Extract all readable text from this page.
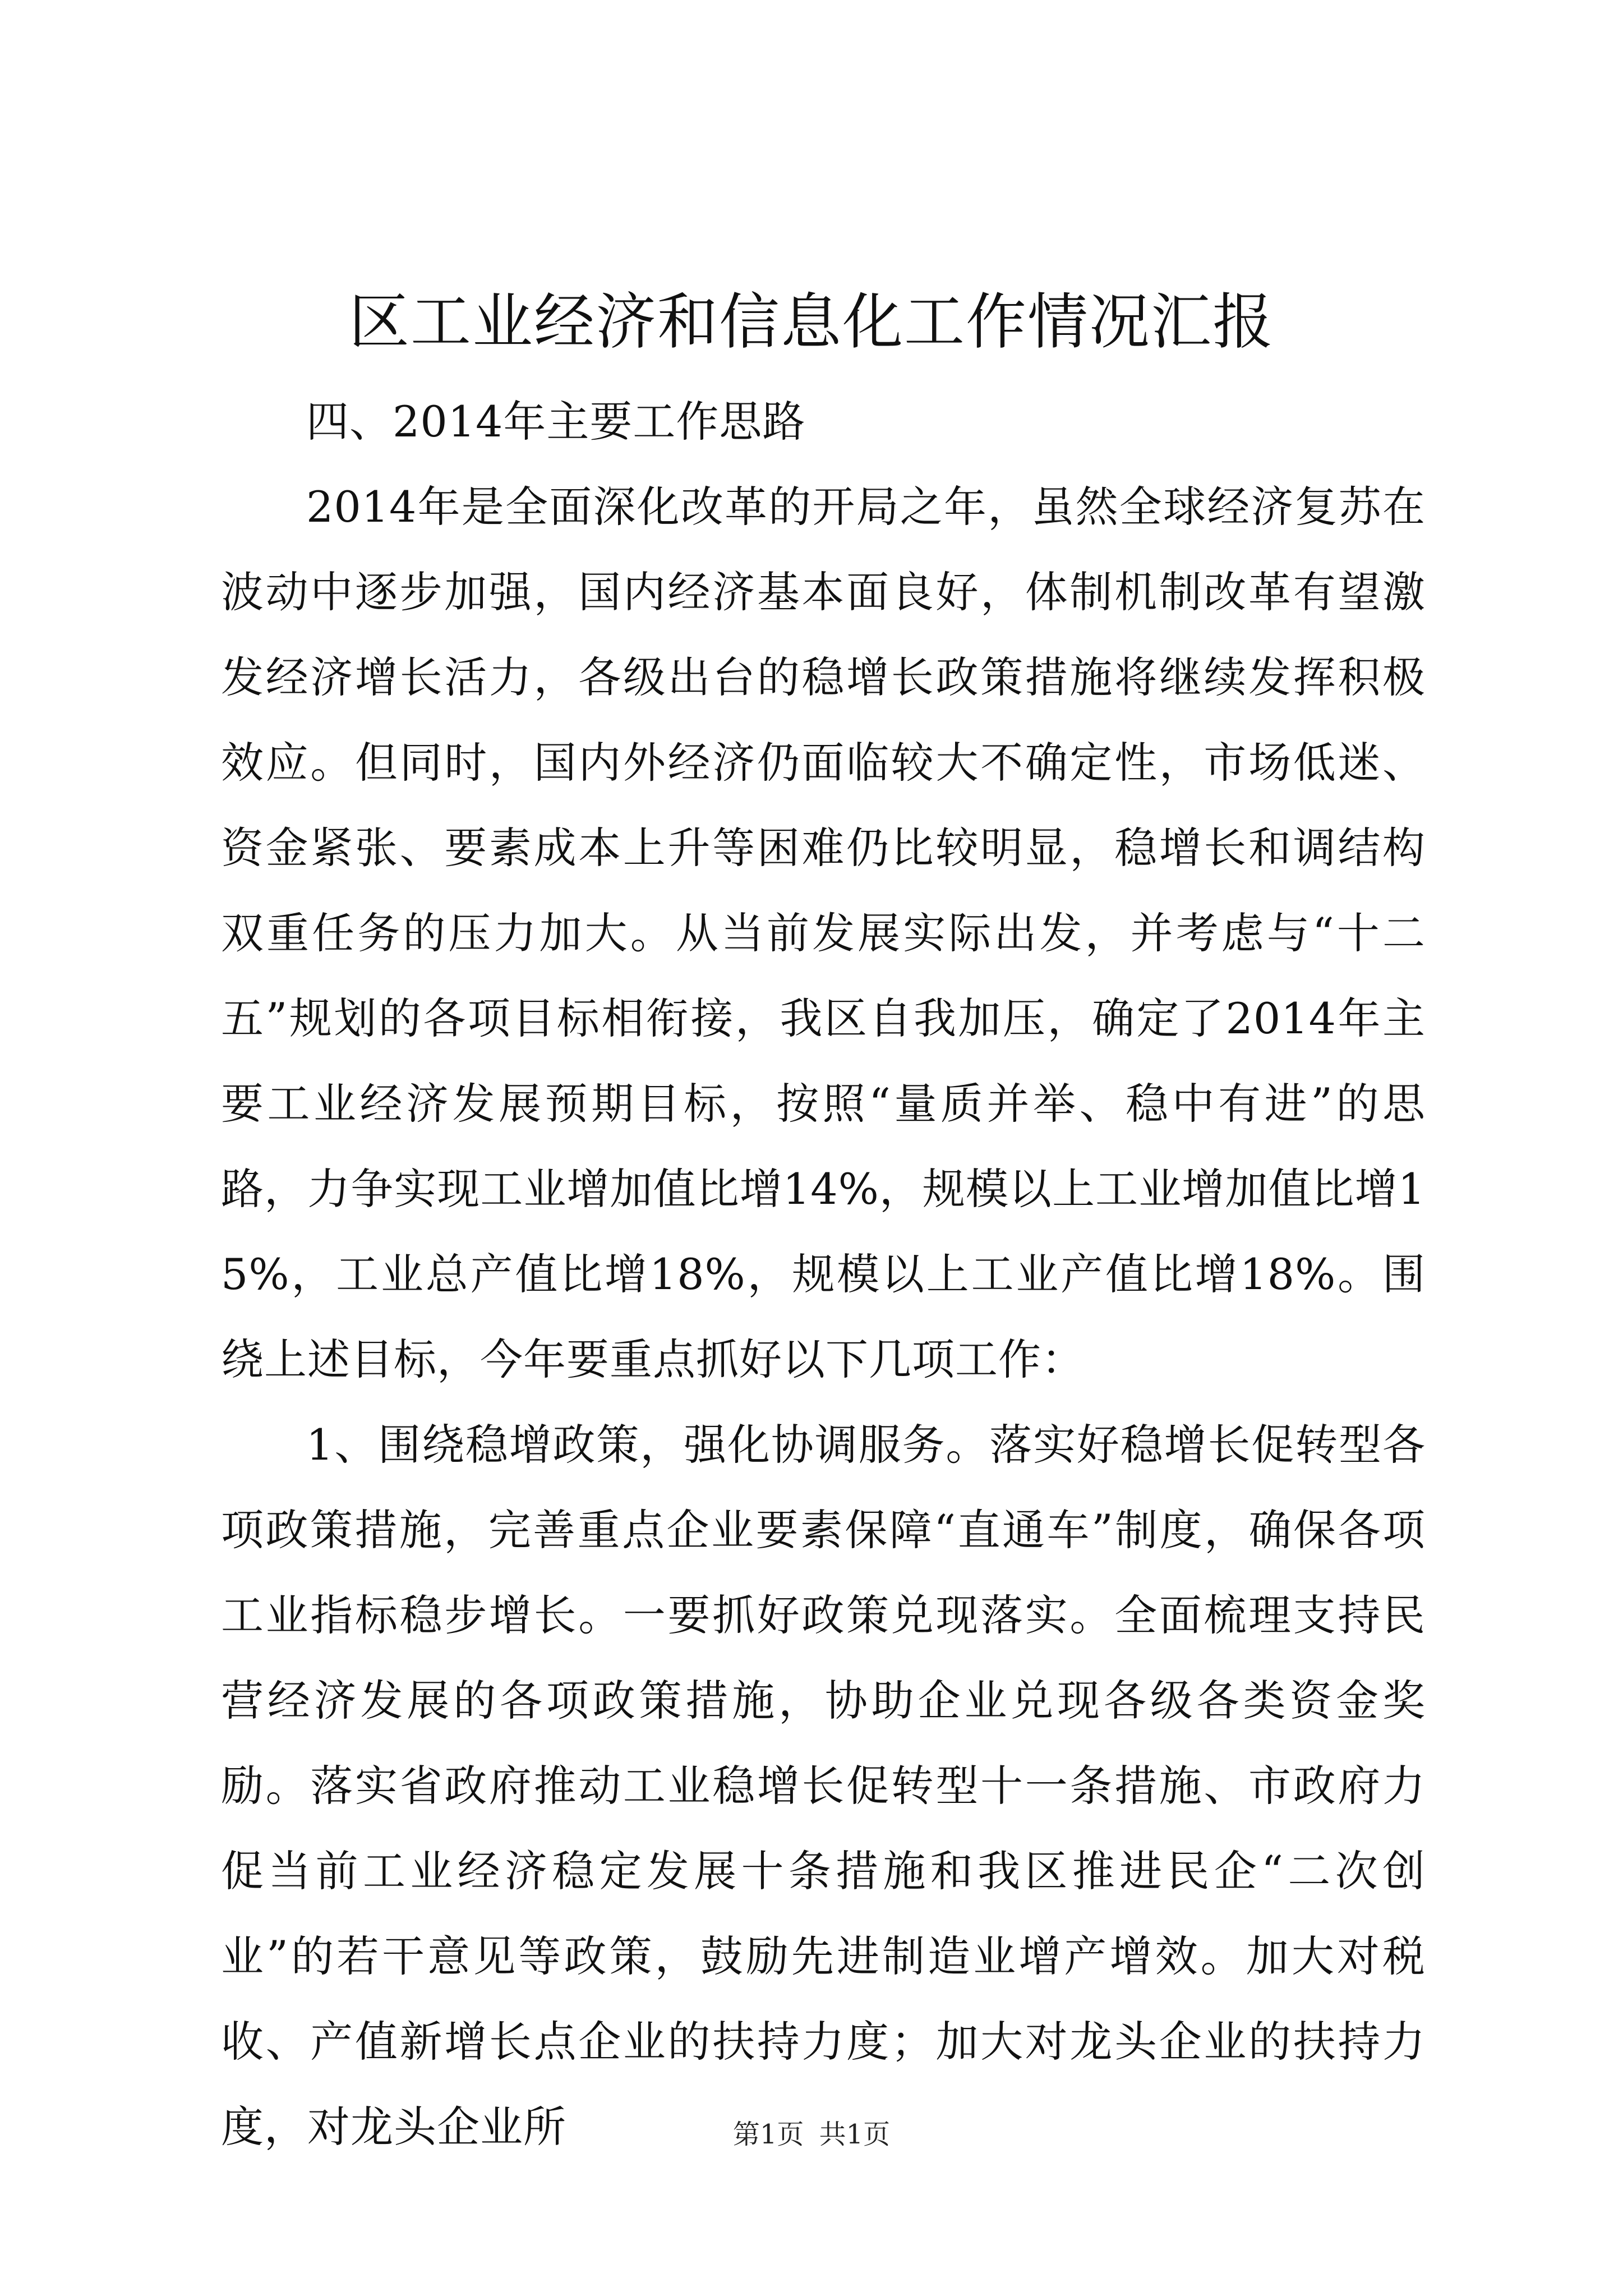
区工业经济和信息化工作情况汇报

四、2014年主要工作思路

2014年是全面深化改革的开局之年，虽然全球经济复苏在波动中逐步加强，国内经济基本面良好，体制机制改革有望激发经济增长活力，各级出台的稳增长政策措施将继续发挥积极效应。但同时，国内外经济仍面临较大不确定性，市场低迷、资金紧张、要素成本上升等困难仍比较明显，稳增长和调结构双重任务的压力加大。从当前发展实际出发，并考虑与“十二五”规划的各项目标相衔接，我区自我加压，确定了2014年主要工业经济发展预期目标，按照“量质并举、稳中有进”的思路，力争实现工业增加值比增14%，规模以上工业增加值比增15%，工业总产值比增18%，规模以上工业产值比增18%。围绕上述目标，今年要重点抓好以下几项工作：

1、围绕稳增政策，强化协调服务。落实好稳增长促转型各项政策措施，完善重点企业要素保障“直通车”制度，确保各项工业指标稳步增长。一要抓好政策兑现落实。全面梳理支持民营经济发展的各项政策措施，协助企业兑现各级各类资金奖励。落实省政府推动工业稳增长促转型十一条措施、市政府力促当前工业经济稳定发展十条措施和我区推进民企“二次创业”的若干意见等政策，鼓励先进制造业增产增效。加大对税收、产值新增长点企业的扶持力度；加大对龙头企业的扶持力度，对龙头企业所	第1页 共1页
